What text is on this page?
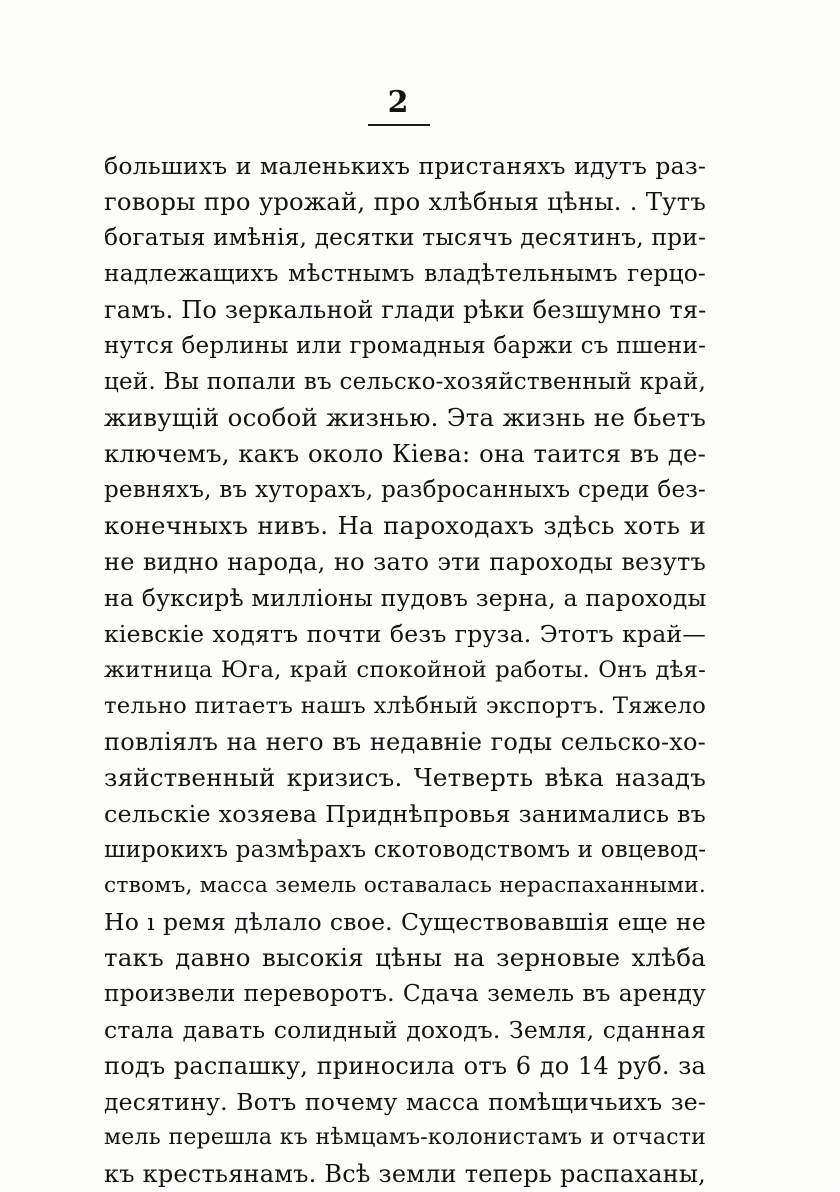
2
большихъ и маленькихъ пристаняхъ идутъ раз-
говоры про урожай, про хлѣбныя цѣны. . Тутъ
богатыя имѣнія, десятки тысячъ десятинъ, при-
надлежащихъ мѣстнымъ владѣтельнымъ герцо-
гамъ. По зеркальной глади рѣки безшумно тя-
нутся берлины или громадныя баржи съ пшени-
цей. Вы попали въ сельско-хозяйственный край,
живущій особой жизнью. Эта жизнь не бьетъ
ключемъ, какъ около Кіева: она таится въ де-
ревняхъ, въ хуторахъ, разбросанныхъ среди без-
конечныхъ нивъ. На пароходахъ здѣсь хоть и
не видно народа, но зато эти пароходы везутъ
на буксирѣ милліоны пудовъ зерна, а пароходы
кіевскіе ходятъ почти безъ груза. Этотъ край—
житница Юга, край спокойной работы. Онъ дѣя-
тельно питаетъ нашъ хлѣбный экспортъ. Тяжело
повліялъ на него въ недавніе годы сельско-хо-
зяйственный кризисъ. Четверть вѣка назадъ
сельскіе хозяева Приднѣпровья занимались въ
широкихъ размѣрахъ скотоводствомъ и овцевод-
ствомъ, масса земель оставалась нераспаханными.
Но ı ремя дѣлало свое. Существовавшія еще не
такъ давно высокія цѣны на зерновые хлѣба
произвели переворотъ. Сдача земель въ аренду
стала давать солидный доходъ. Земля, сданная
подъ распашку, приносила отъ 6 до 14 руб. за
десятину. Вотъ почему масса помѣщичьихъ зе-
мель перешла къ нѣмцамъ-колонистамъ и отчасти
къ крестьянамъ. Всѣ земли теперь распаханы,
